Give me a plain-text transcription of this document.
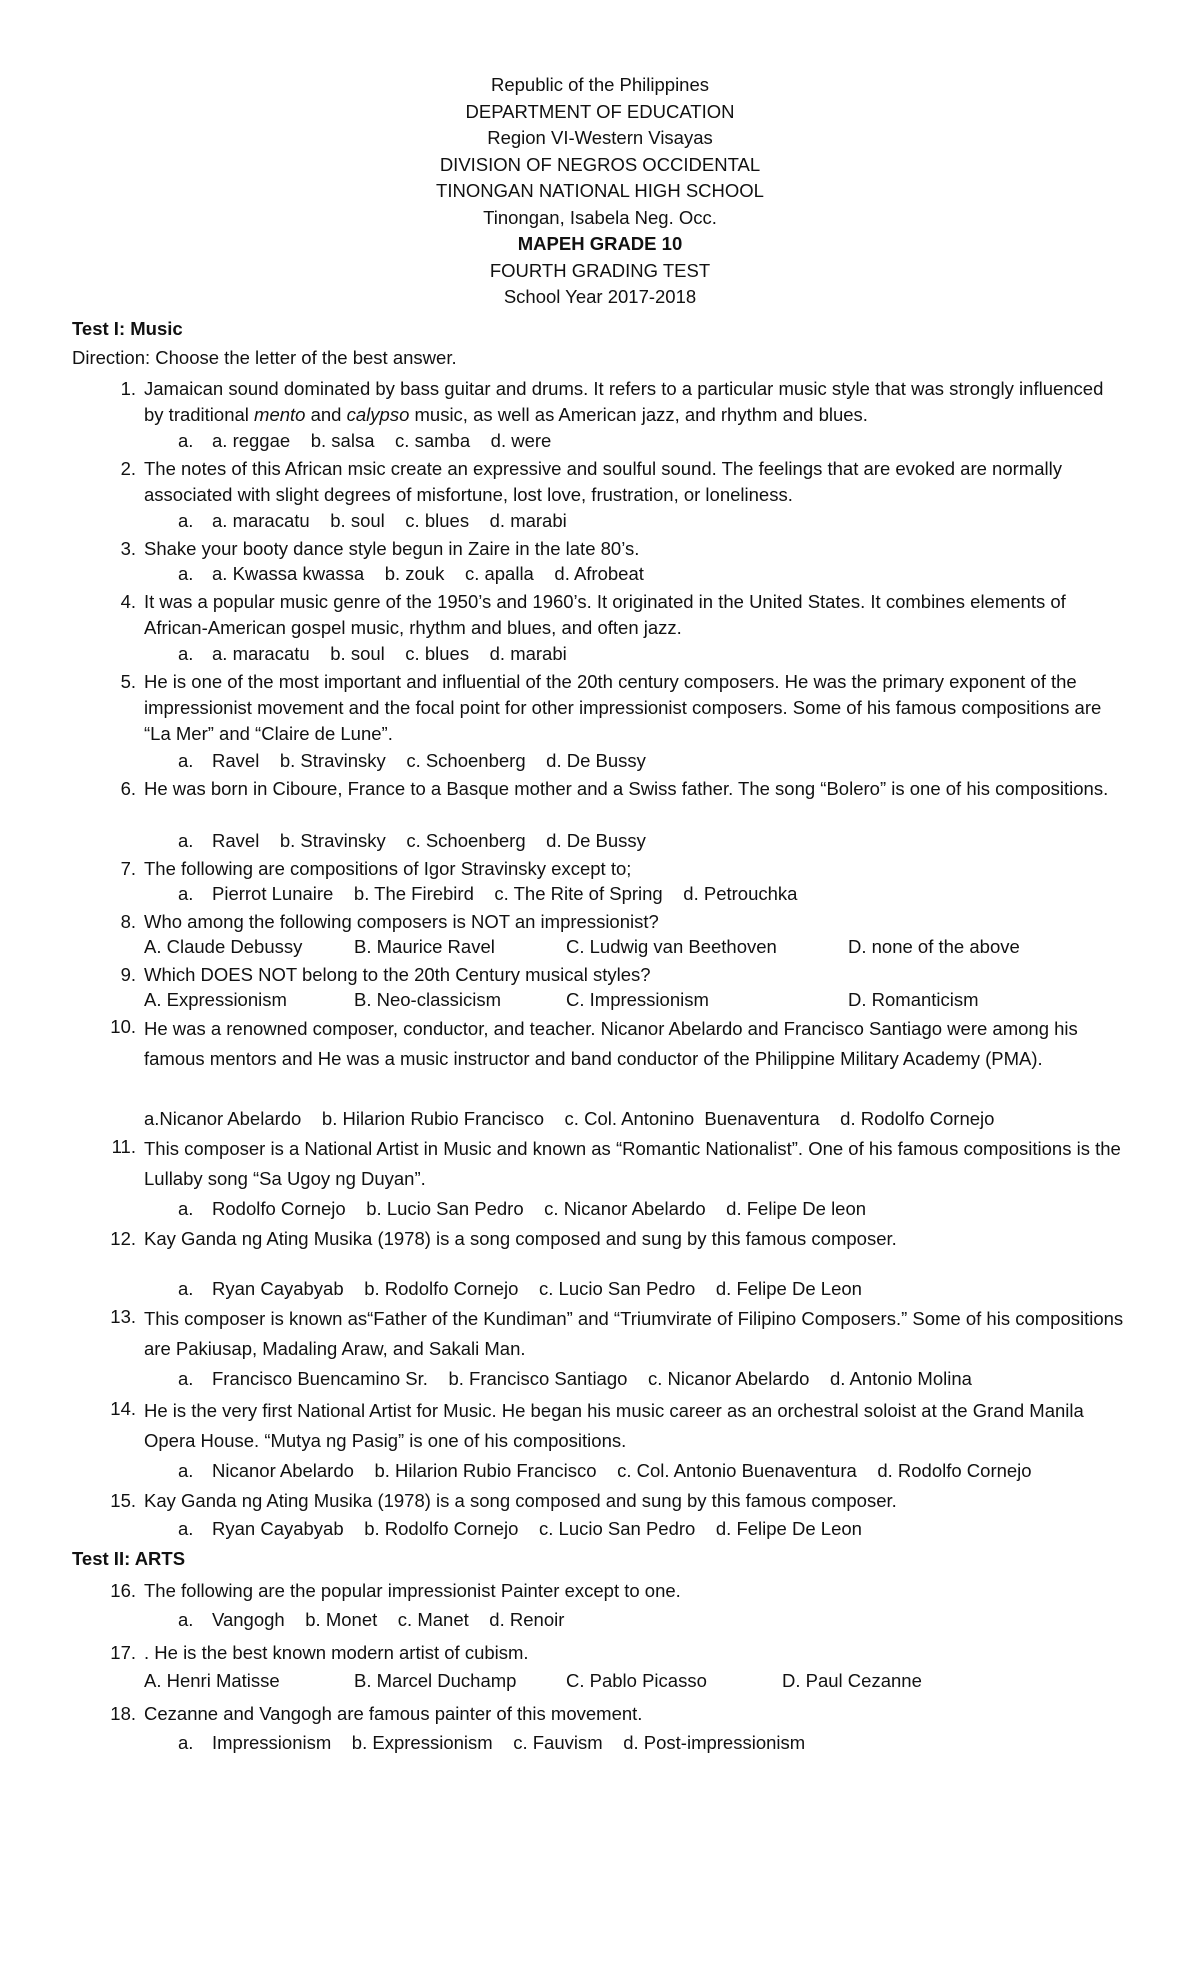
Republic of the Philippines
DEPARTMENT OF EDUCATION
Region VI-Western Visayas
DIVISION OF NEGROS OCCIDENTAL
TINONGAN NATIONAL HIGH SCHOOL
Tinongan, Isabela Neg. Occ.
MAPEH GRADE 10
FOURTH GRADING TEST
School Year 2017-2018
Test I: Music
Direction: Choose the letter of the best answer.
1. Jamaican sound dominated by bass guitar and drums. It refers to a particular music style that was strongly influenced by traditional mento and calypso music, as well as American jazz, and rhythm and blues.
a. a. reggae    b. salsa    c. samba    d. were
2. The notes of this African msic create an expressive and soulful sound. The feelings that are evoked are normally associated with slight degrees of misfortune, lost love, frustration, or loneliness.
a. a. maracatu    b. soul    c. blues    d. marabi
3. Shake your booty dance style begun in Zaire in the late 80’s.
a. a. Kwassa kwassa    b. zouk    c. apalla    d. Afrobeat
4. It was a popular music genre of the 1950’s and 1960’s. It originated in the United States. It combines elements of African-American gospel music, rhythm and blues, and often jazz.
a. a. maracatu    b. soul    c. blues    d. marabi
5. He is one of the most important and influential of the 20th century composers. He was the primary exponent of the impressionist movement and the focal point for other impressionist composers. Some of his famous compositions are “La Mer” and “Claire de Lune”.
a. Ravel    b. Stravinsky    c. Schoenberg    d. De Bussy
6. He was born in Ciboure, France to a Basque mother and a Swiss father. The song “Bolero” is one of his compositions.
a. Ravel    b. Stravinsky    c. Schoenberg    d. De Bussy
7. The following are compositions of Igor Stravinsky except to;
a. Pierrot Lunaire    b. The Firebird    c. The Rite of Spring    d. Petrouchka
8. Who among the following composers is NOT an impressionist?
A. Claude Debussy	B. Maurice Ravel	C. Ludwig van Beethoven	D. none of the above
9. Which DOES NOT belong to the 20th Century musical styles?
A. Expressionism	B. Neo-classicism	C. Impressionism	D. Romanticism
10. He was a renowned composer, conductor, and teacher. Nicanor Abelardo and Francisco Santiago were among his famous mentors and He was a music instructor and band conductor of the Philippine Military Academy (PMA).
a.Nicanor Abelardo    b. Hilarion Rubio Francisco    c. Col. Antonino  Buenaventura    d. Rodolfo Cornejo
11. This composer is a National Artist in Music and known as “Romantic Nationalist”. One of his famous compositions is the Lullaby song “Sa Ugoy ng Duyan”.
a. Rodolfo Cornejo    b. Lucio San Pedro    c. Nicanor Abelardo    d. Felipe De leon
12. Kay Ganda ng Ating Musika (1978) is a song composed and sung by this famous composer.
a. Ryan Cayabyab    b. Rodolfo Cornejo    c. Lucio San Pedro    d. Felipe De Leon
13. This composer is known as“Father of the Kundiman” and “Triumvirate of Filipino Composers.” Some of his compositions are Pakiusap, Madaling Araw, and Sakali Man.
a. Francisco Buencamino Sr.    b. Francisco Santiago    c. Nicanor Abelardo    d. Antonio Molina
14. He is the very first National Artist for Music. He began his music career as an orchestral soloist at the Grand Manila Opera House. “Mutya ng Pasig” is one of his compositions.
a. Nicanor Abelardo    b. Hilarion Rubio Francisco    c. Col. Antonio Buenaventura    d. Rodolfo Cornejo
15. Kay Ganda ng Ating Musika (1978) is a song composed and sung by this famous composer.
a. Ryan Cayabyab    b. Rodolfo Cornejo    c. Lucio San Pedro    d. Felipe De Leon
Test II: ARTS
16. The following are the popular impressionist Painter except to one.
a. Vangogh    b. Monet    c. Manet    d. Renoir
17. . He is the best known modern artist of cubism.
A. Henri Matisse	B. Marcel Duchamp	C. Pablo Picasso	D. Paul Cezanne
18. Cezanne and Vangogh are famous painter of this movement.
a. Impressionism    b. Expressionism    c. Fauvism    d. Post-impressionism
